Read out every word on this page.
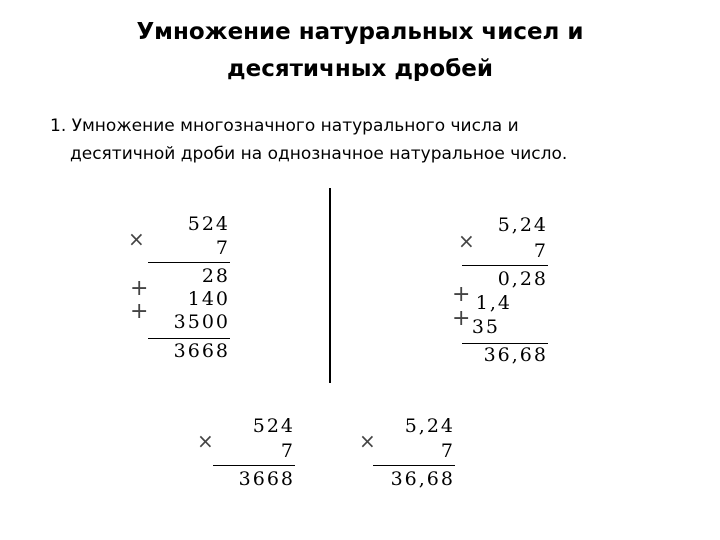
Умножение натуральных чисел и
десятичных дробей
1. Умножение многозначного натурального числа и
десятичной дроби на однозначное натуральное число.
×
524
7
28
+ 140
+ 3500
3668
×
5,24
7
0,28
+ 1,4
+ 35
36,68
×
524
7
3668
×
5,24
7
36,68
